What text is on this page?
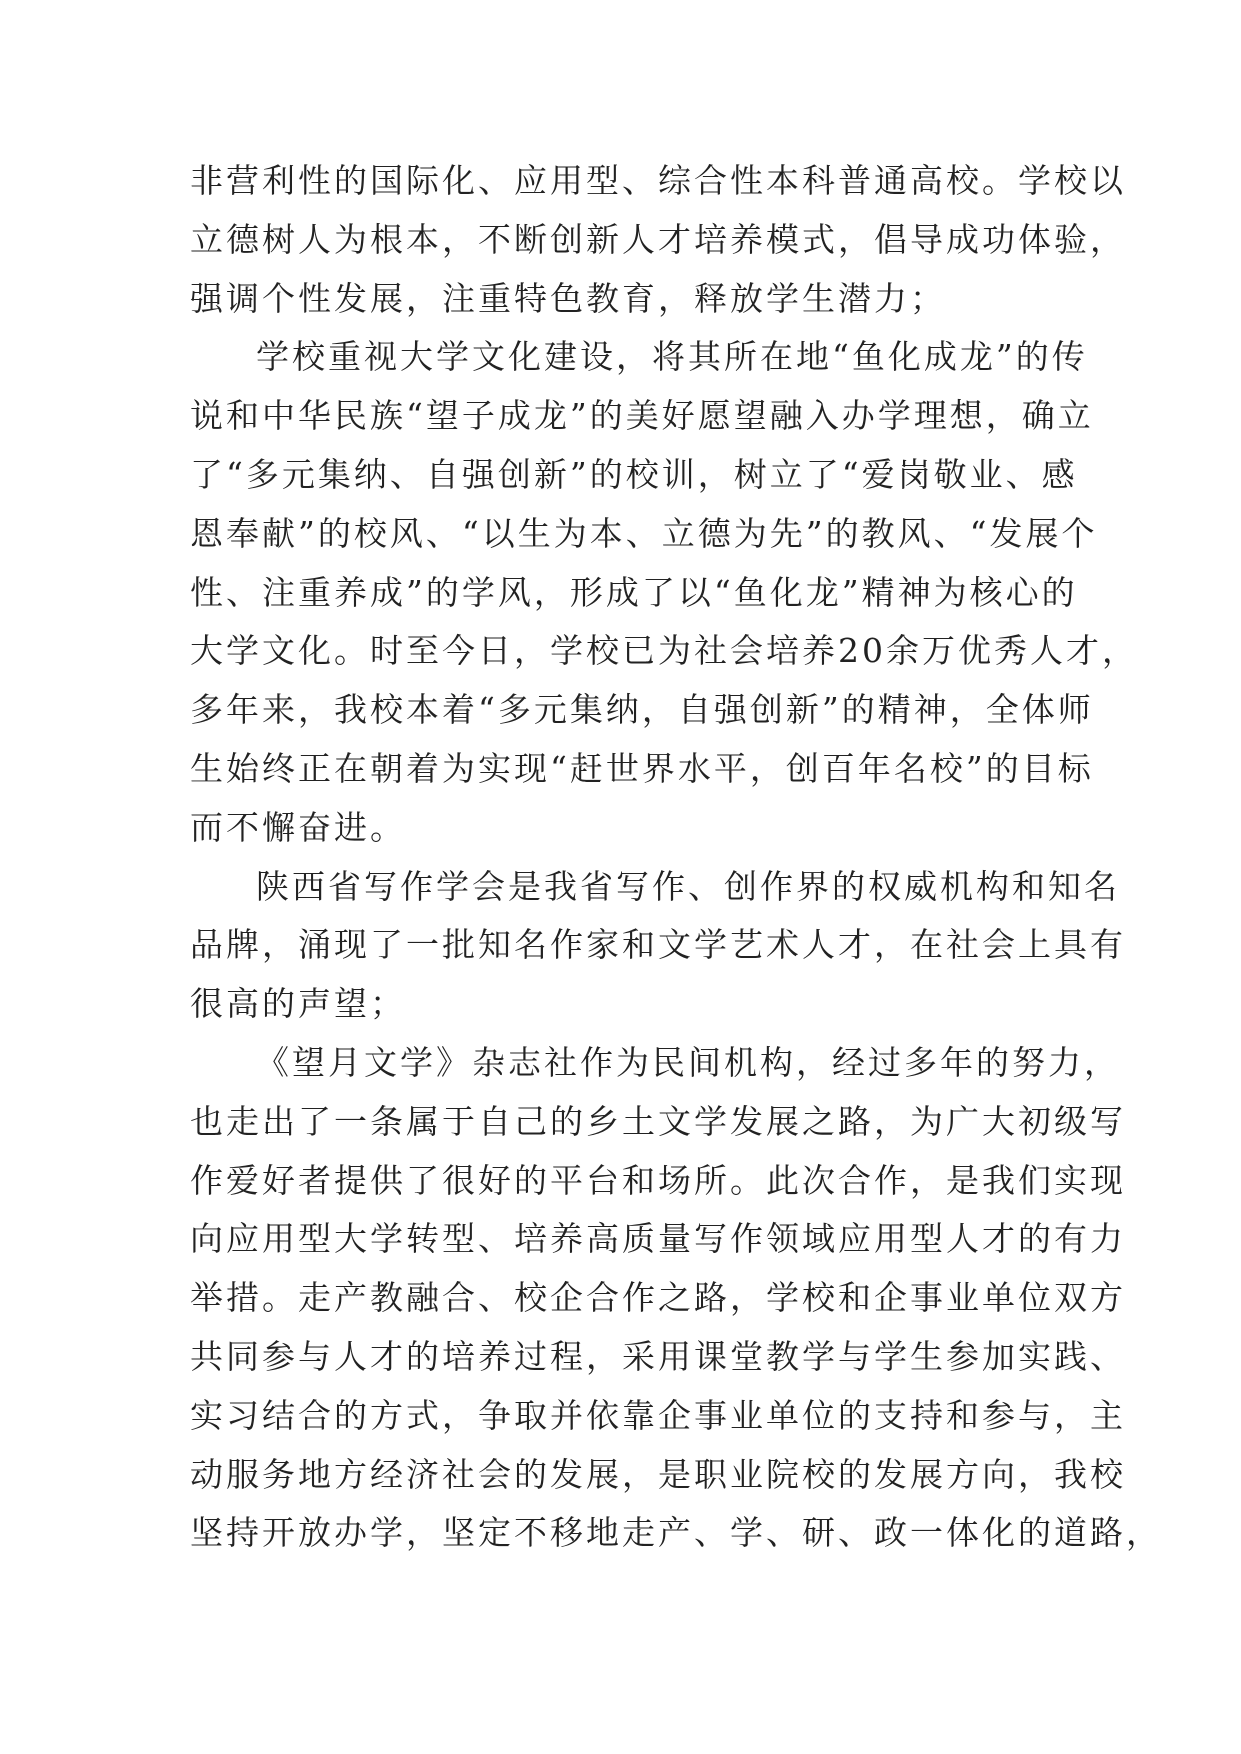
非营利性的国际化、应用型、综合性本科普通高校。学校以
立德树人为根本，不断创新人才培养模式，倡导成功体验，
强调个性发展，注重特色教育，释放学生潜力；
学校重视大学文化建设，将其所在地“鱼化成龙”的传
说和中华民族“望子成龙”的美好愿望融入办学理想，确立
了“多元集纳、自强创新”的校训，树立了“爱岗敬业、感
恩奉献”的校风、“以生为本、立德为先”的教风、“发展个
性、注重养成”的学风，形成了以“鱼化龙”精神为核心的
大学文化。时至今日，学校已为社会培养20余万优秀人才，
多年来，我校本着“多元集纳，自强创新”的精神，全体师
生始终正在朝着为实现“赶世界水平，创百年名校”的目标
而不懈奋进。
陕西省写作学会是我省写作、创作界的权威机构和知名
品牌，涌现了一批知名作家和文学艺术人才，在社会上具有
很高的声望；
《望月文学》杂志社作为民间机构，经过多年的努力，
也走出了一条属于自己的乡土文学发展之路，为广大初级写
作爱好者提供了很好的平台和场所。此次合作，是我们实现
向应用型大学转型、培养高质量写作领域应用型人才的有力
举措。走产教融合、校企合作之路，学校和企事业单位双方
共同参与人才的培养过程，采用课堂教学与学生参加实践、
实习结合的方式，争取并依靠企事业单位的支持和参与，主
动服务地方经济社会的发展，是职业院校的发展方向，我校
坚持开放办学，坚定不移地走产、学、研、政一体化的道路，
